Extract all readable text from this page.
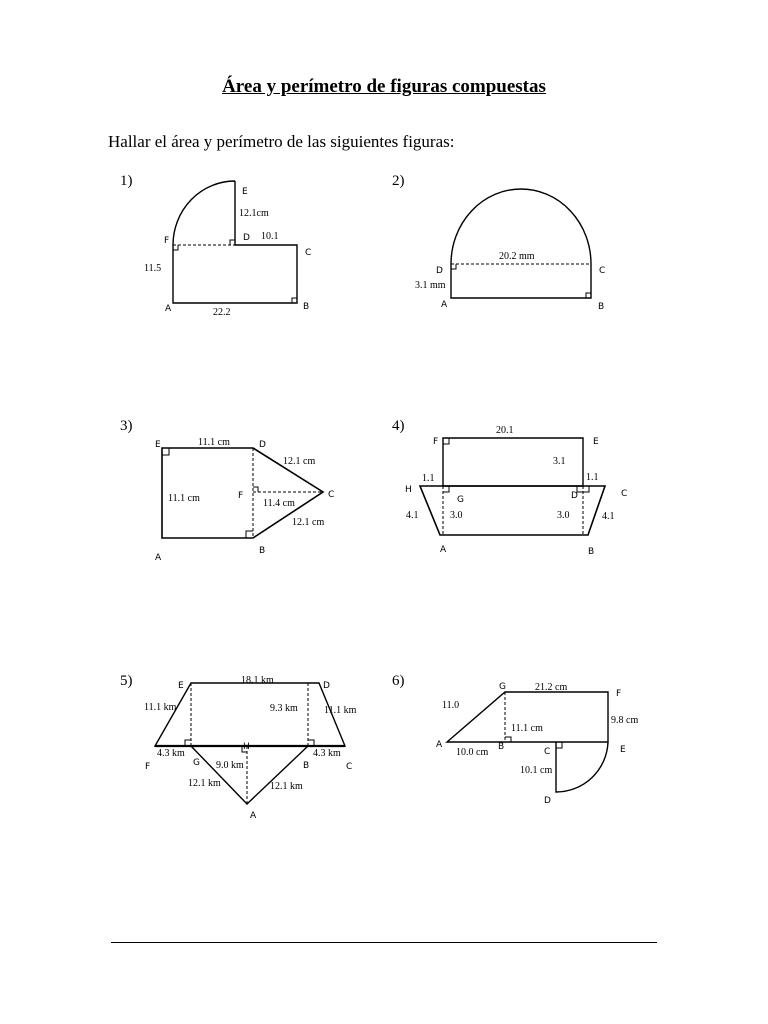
Área y perímetro de figuras compuestas
Hallar el área y perímetro de las siguientes figuras:
1)
E
D
F
C
A	B
12.1cm
10.1
11.5
22.2
2)
D	C
A	B
20.2 mm
3.1 mm
3)
E	D
F	C
A
B
11.1 cm
12.1 cm
11.1 cm	11.4 cm
12.1 cm
4)
F	E
H
G	D	C
A	B
20.1
3.1
1.1	1.1
4.1	3.0	3.0	4.1
5)	E	D
F	G
H
B	C
A
18.1 km
11.1 km	9.3 km	11.1 km
4.3 km
9.0 km
4.3 km
12.1 km	12.1 km
6)	G
F
A	B	C	E
D
21.2 cm
11.0
9.8 cm
11.1 cm
10.0 cm
10.1 cm
